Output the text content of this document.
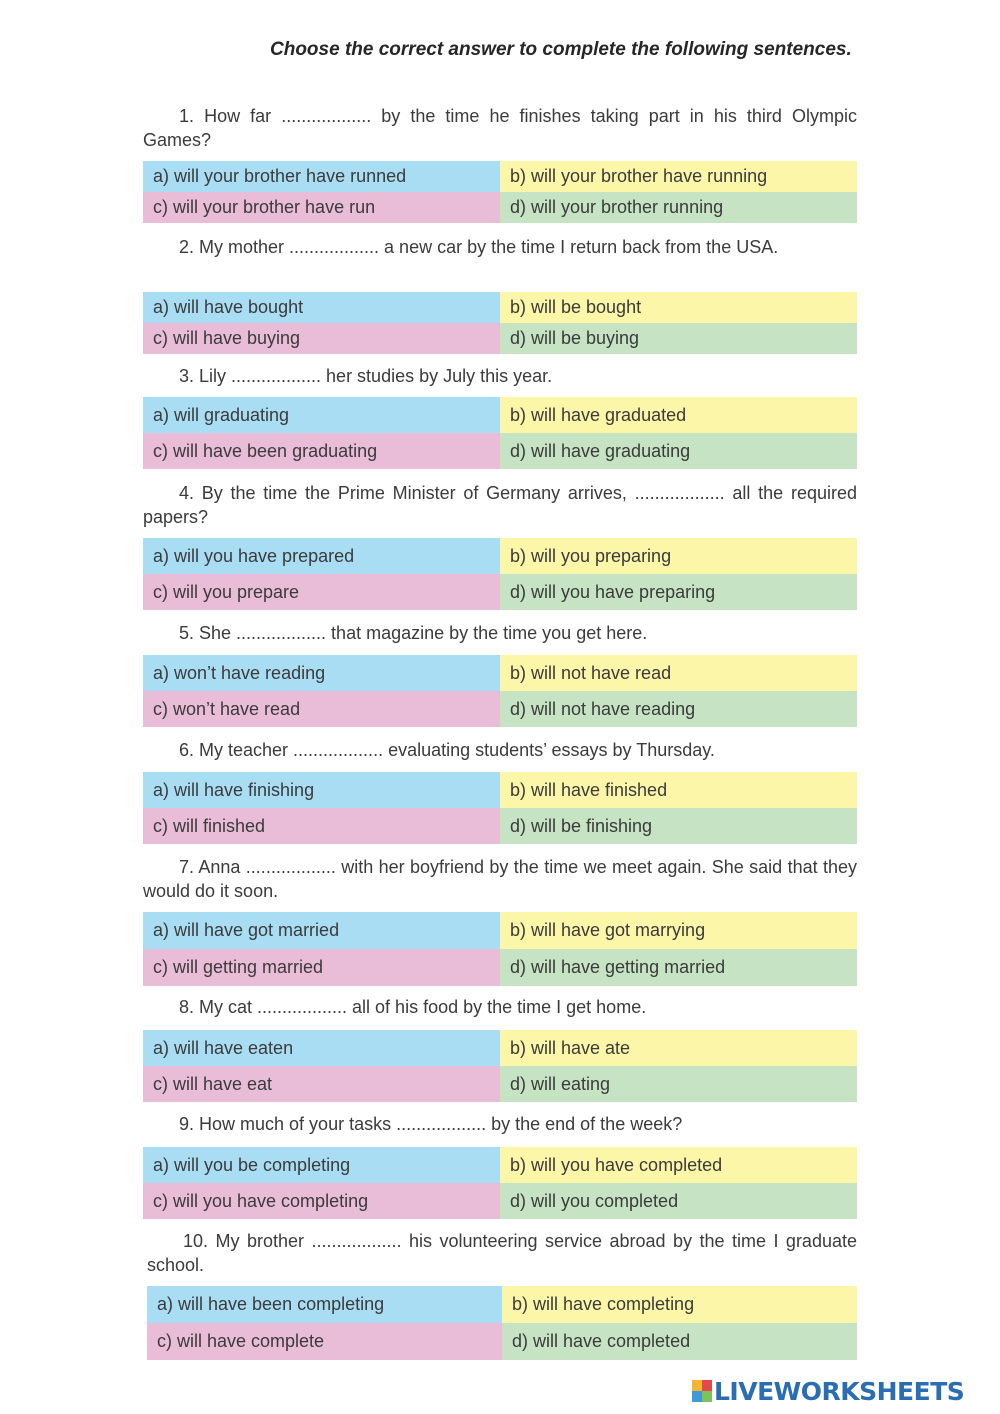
Choose the correct answer to complete the following sentences.
1. How far .................. by the time he finishes taking part in his third Olympic Games?
a) will your brother have runned	b) will your brother have running
c) will your brother have run	d) will your brother running
2. My mother .................. a new car by the time I return back from the USA.
a) will have bought	b) will be bought
c) will have buying	d) will be buying
3. Lily .................. her studies by July this year.
a) will graduating	b) will have graduated
c) will have been graduating	d) will have graduating
4. By the time the Prime Minister of Germany arrives, .................. all the required papers?
a) will you have prepared	b) will you preparing
c) will you prepare	d) will you have preparing
5. She .................. that magazine by the time you get here.
a) won’t have reading	b) will not have read
c) won’t have read	d) will not have reading
6. My teacher .................. evaluating students’ essays by Thursday.
a) will have finishing	b) will have finished
c) will finished	d) will be finishing
7. Anna .................. with her boyfriend by the time we meet again. She said that they would do it soon.
a) will have got married	b) will have got marrying
c) will getting married	d) will have getting married
8. My cat .................. all of his food by the time I get home.
a) will have eaten	b) will have ate
c) will have eat	d) will eating
9. How much of your tasks .................. by the end of the week?
a) will you be completing	b) will you have completed
c) will you have completing	d) will you completed
10. My brother .................. his volunteering service abroad by the time I graduate school.
a) will have been completing	b) will have completing
c) will have complete	d) will have completed
LIVEWORKSHEETS
